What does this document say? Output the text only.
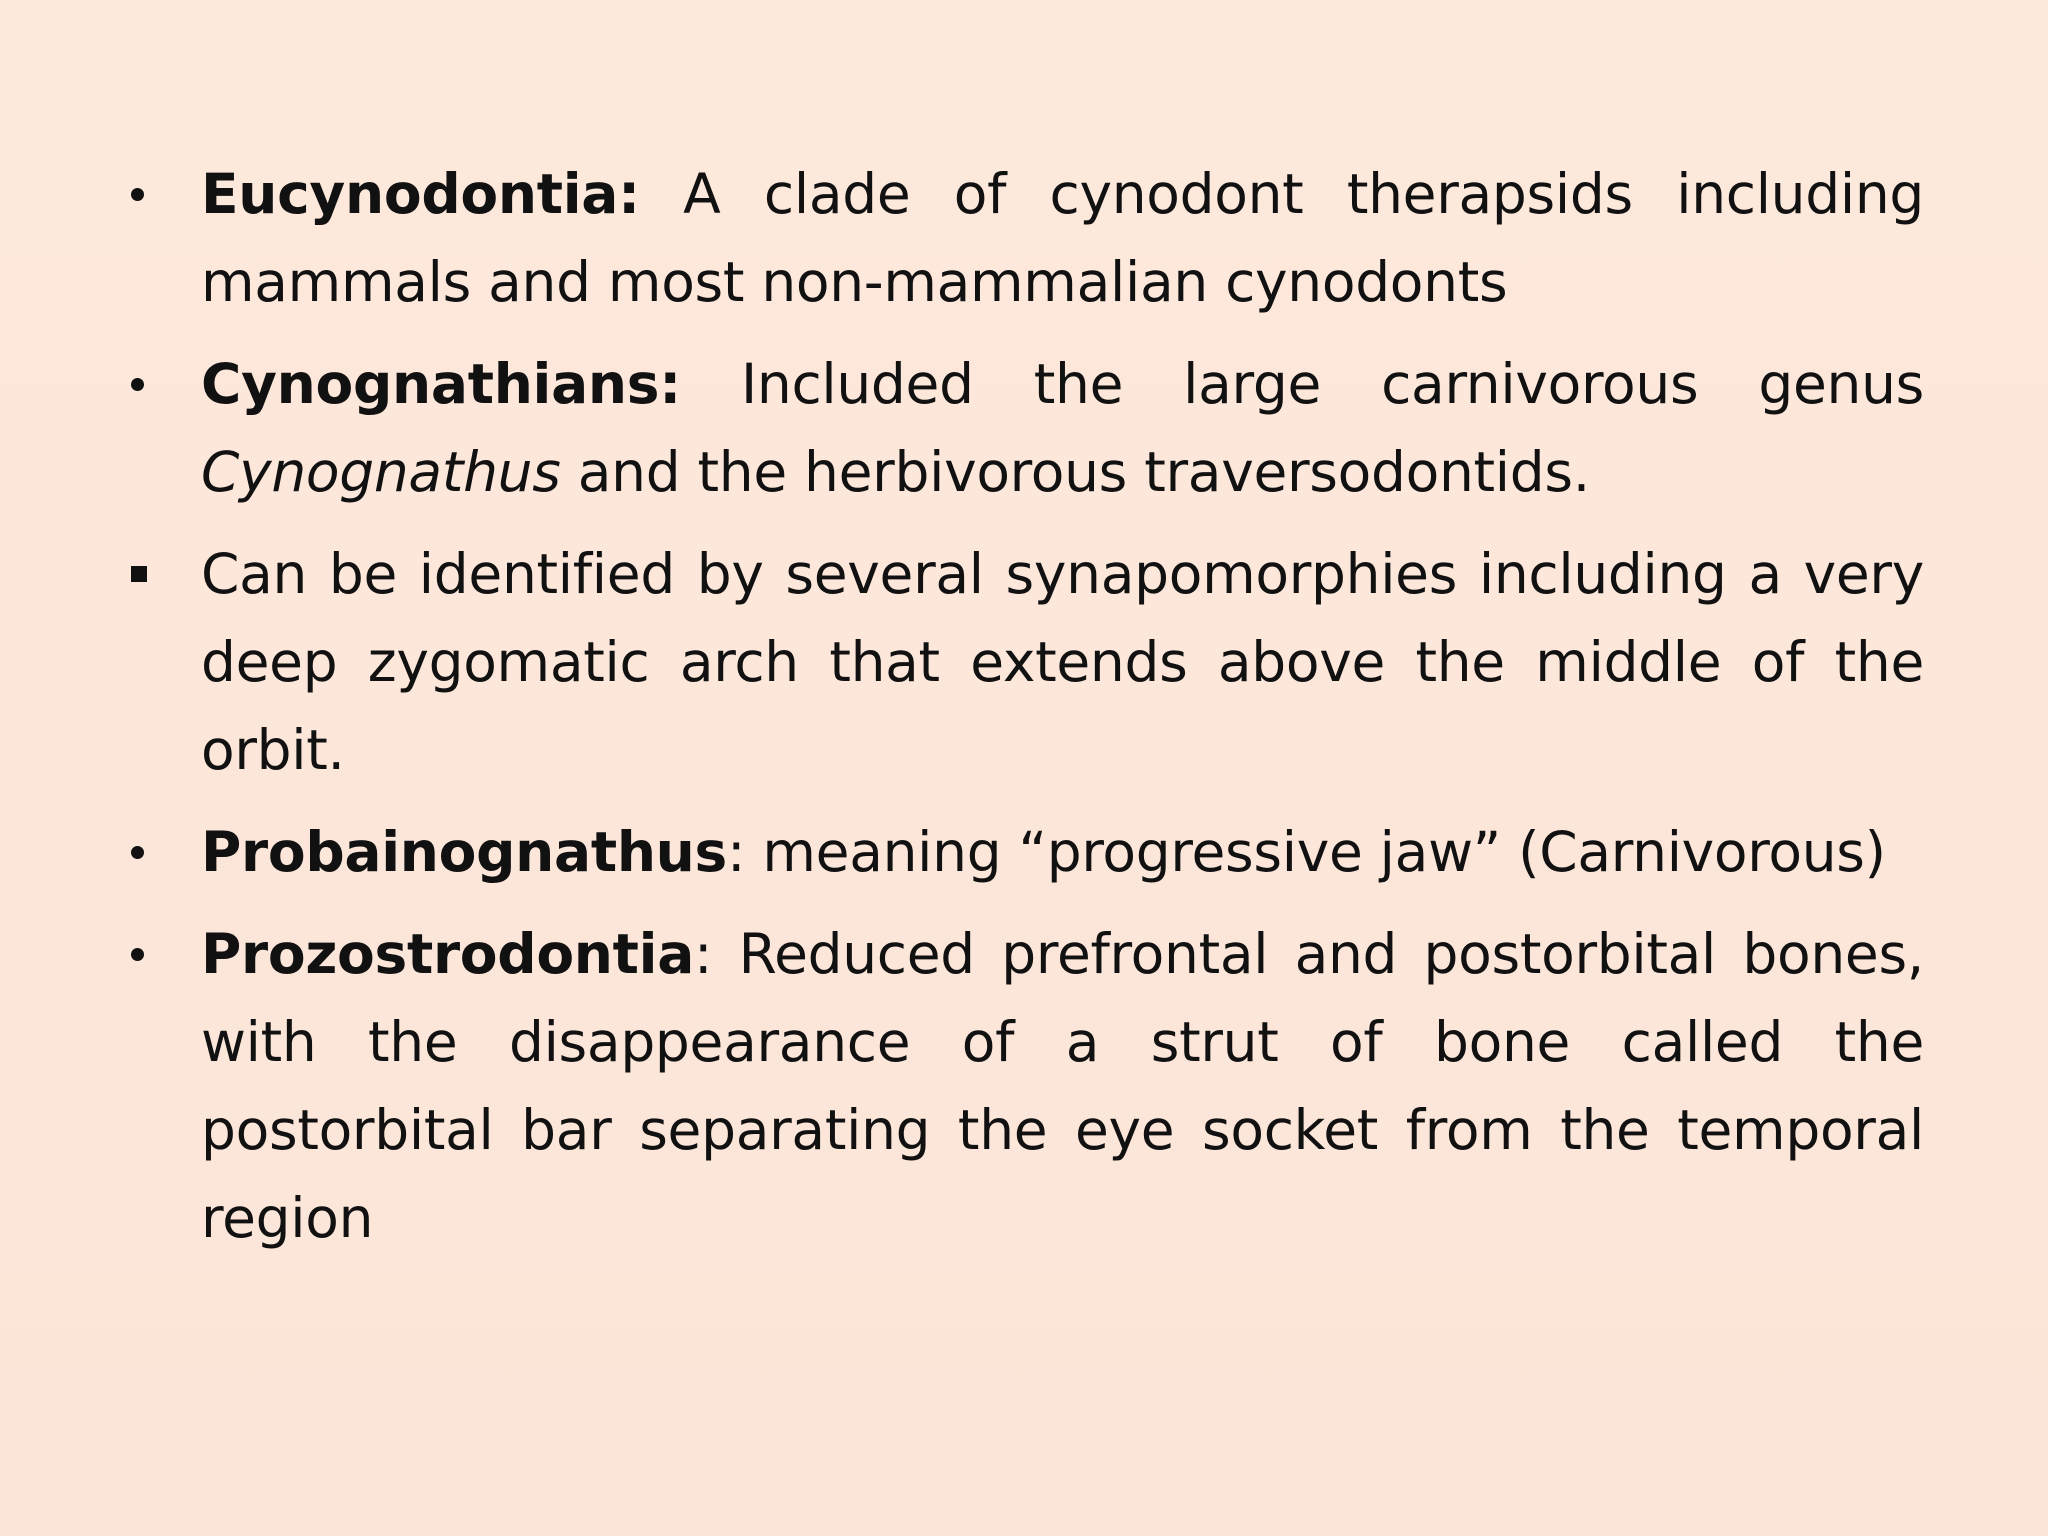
Eucynodontia: A clade of cynodont therapsids including mammals and most non-mammalian cynodonts
Cynognathians: Included the large carnivorous genus Cynognathus and the herbivorous traversodontids.
Can be identified by several synapomorphies including a very deep zygomatic arch that extends above the middle of the orbit.
Probainognathus: meaning “progressive jaw” (Carnivorous)
Prozostrodontia: Reduced prefrontal and postorbital bones, with the disappearance of a strut of bone called the postorbital bar separating the eye socket from the temporal region
